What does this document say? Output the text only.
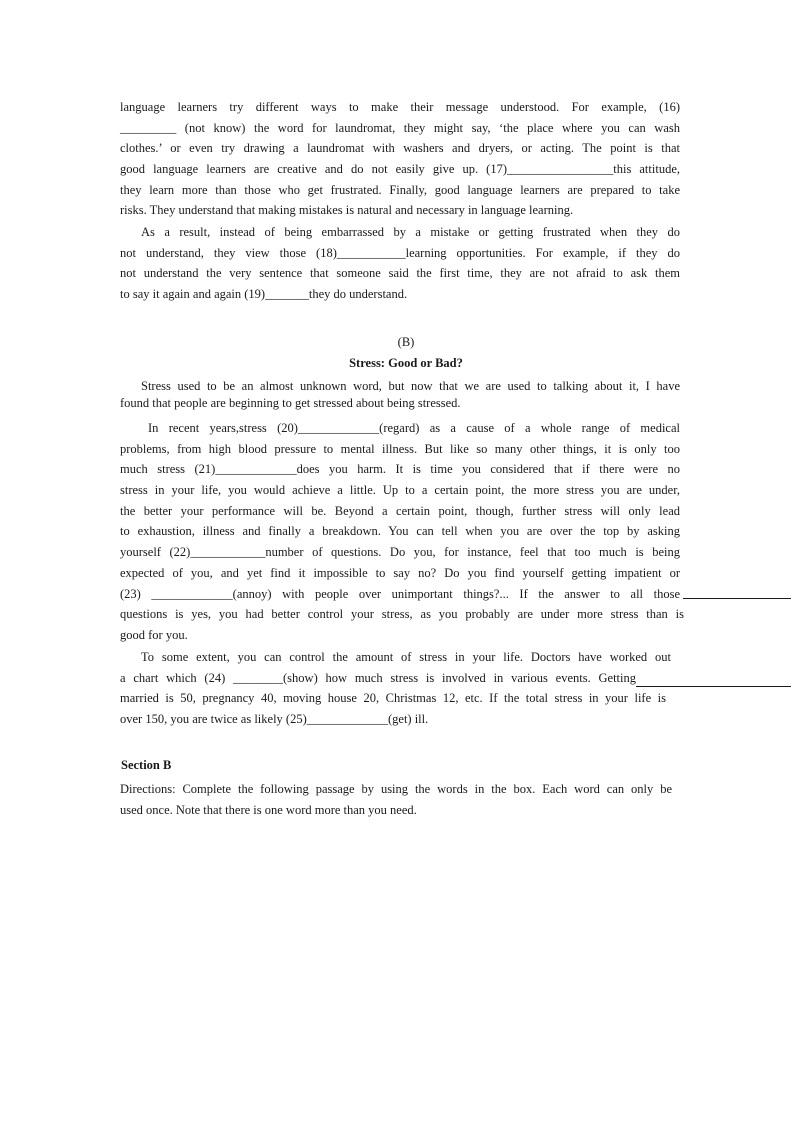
language learners try different ways to make their message understood. For example, (16)
_________ (not know) the word for laundromat, they might say, ‘the place where you can wash
clothes.’ or even try drawing a laundromat with washers and dryers, or acting. The point is that
good language learners are creative and do not easily give up. (17)_________________this attitude,
they learn more than those who get frustrated. Finally, good language learners are prepared to take
risks. They understand that making mistakes is natural and necessary in language learning.
As a result, instead of being embarrassed by a mistake or getting frustrated when they do
not understand, they view those (18)___________learning opportunities. For example, if they do
not understand the very sentence that someone said the first time, they are not afraid to ask them
to say it again and again (19)_______they do understand.

(B)

Stress: Good or Bad?

Stress used to be an almost unknown word, but now that we are used to talking about it, I have
found that people are beginning to get stressed about being stressed.
In recent years,stress (20)_____________(regard) as a cause of a whole range of medical
problems, from high blood pressure to mental illness. But like so many other things, it is only too
much stress (21)_____________does you harm. It is time you considered that if there were no
stress in your life, you would achieve a little. Up to a certain point, the more stress you are under,
the better your performance will be. Beyond a certain point, though, further stress will only lead
to exhaustion, illness and finally a breakdown. You can tell when you are over the top by asking
yourself (22)____________number of questions. Do you, for instance, feel that too much is being
expected of you, and yet find it impossible to say no? Do you find yourself getting impatient or
(23) _____________(annoy) with people over unimportant things?... If the answer to all those
questions is yes, you had better control your stress, as you probably are under more stress than is
good for you.
To some extent, you can control the amount of stress in your life. Doctors have worked out
a chart which (24) ________(show) how much stress is involved in various events. Getting
married is 50, pregnancy 40, moving house 20, Christmas 12, etc. If the total stress in your life is
over 150, you are twice as likely (25)_____________(get) ill.

Section B

Directions: Complete the following passage by using the words in the box. Each word can only be
used once. Note that there is one word more than you need.
